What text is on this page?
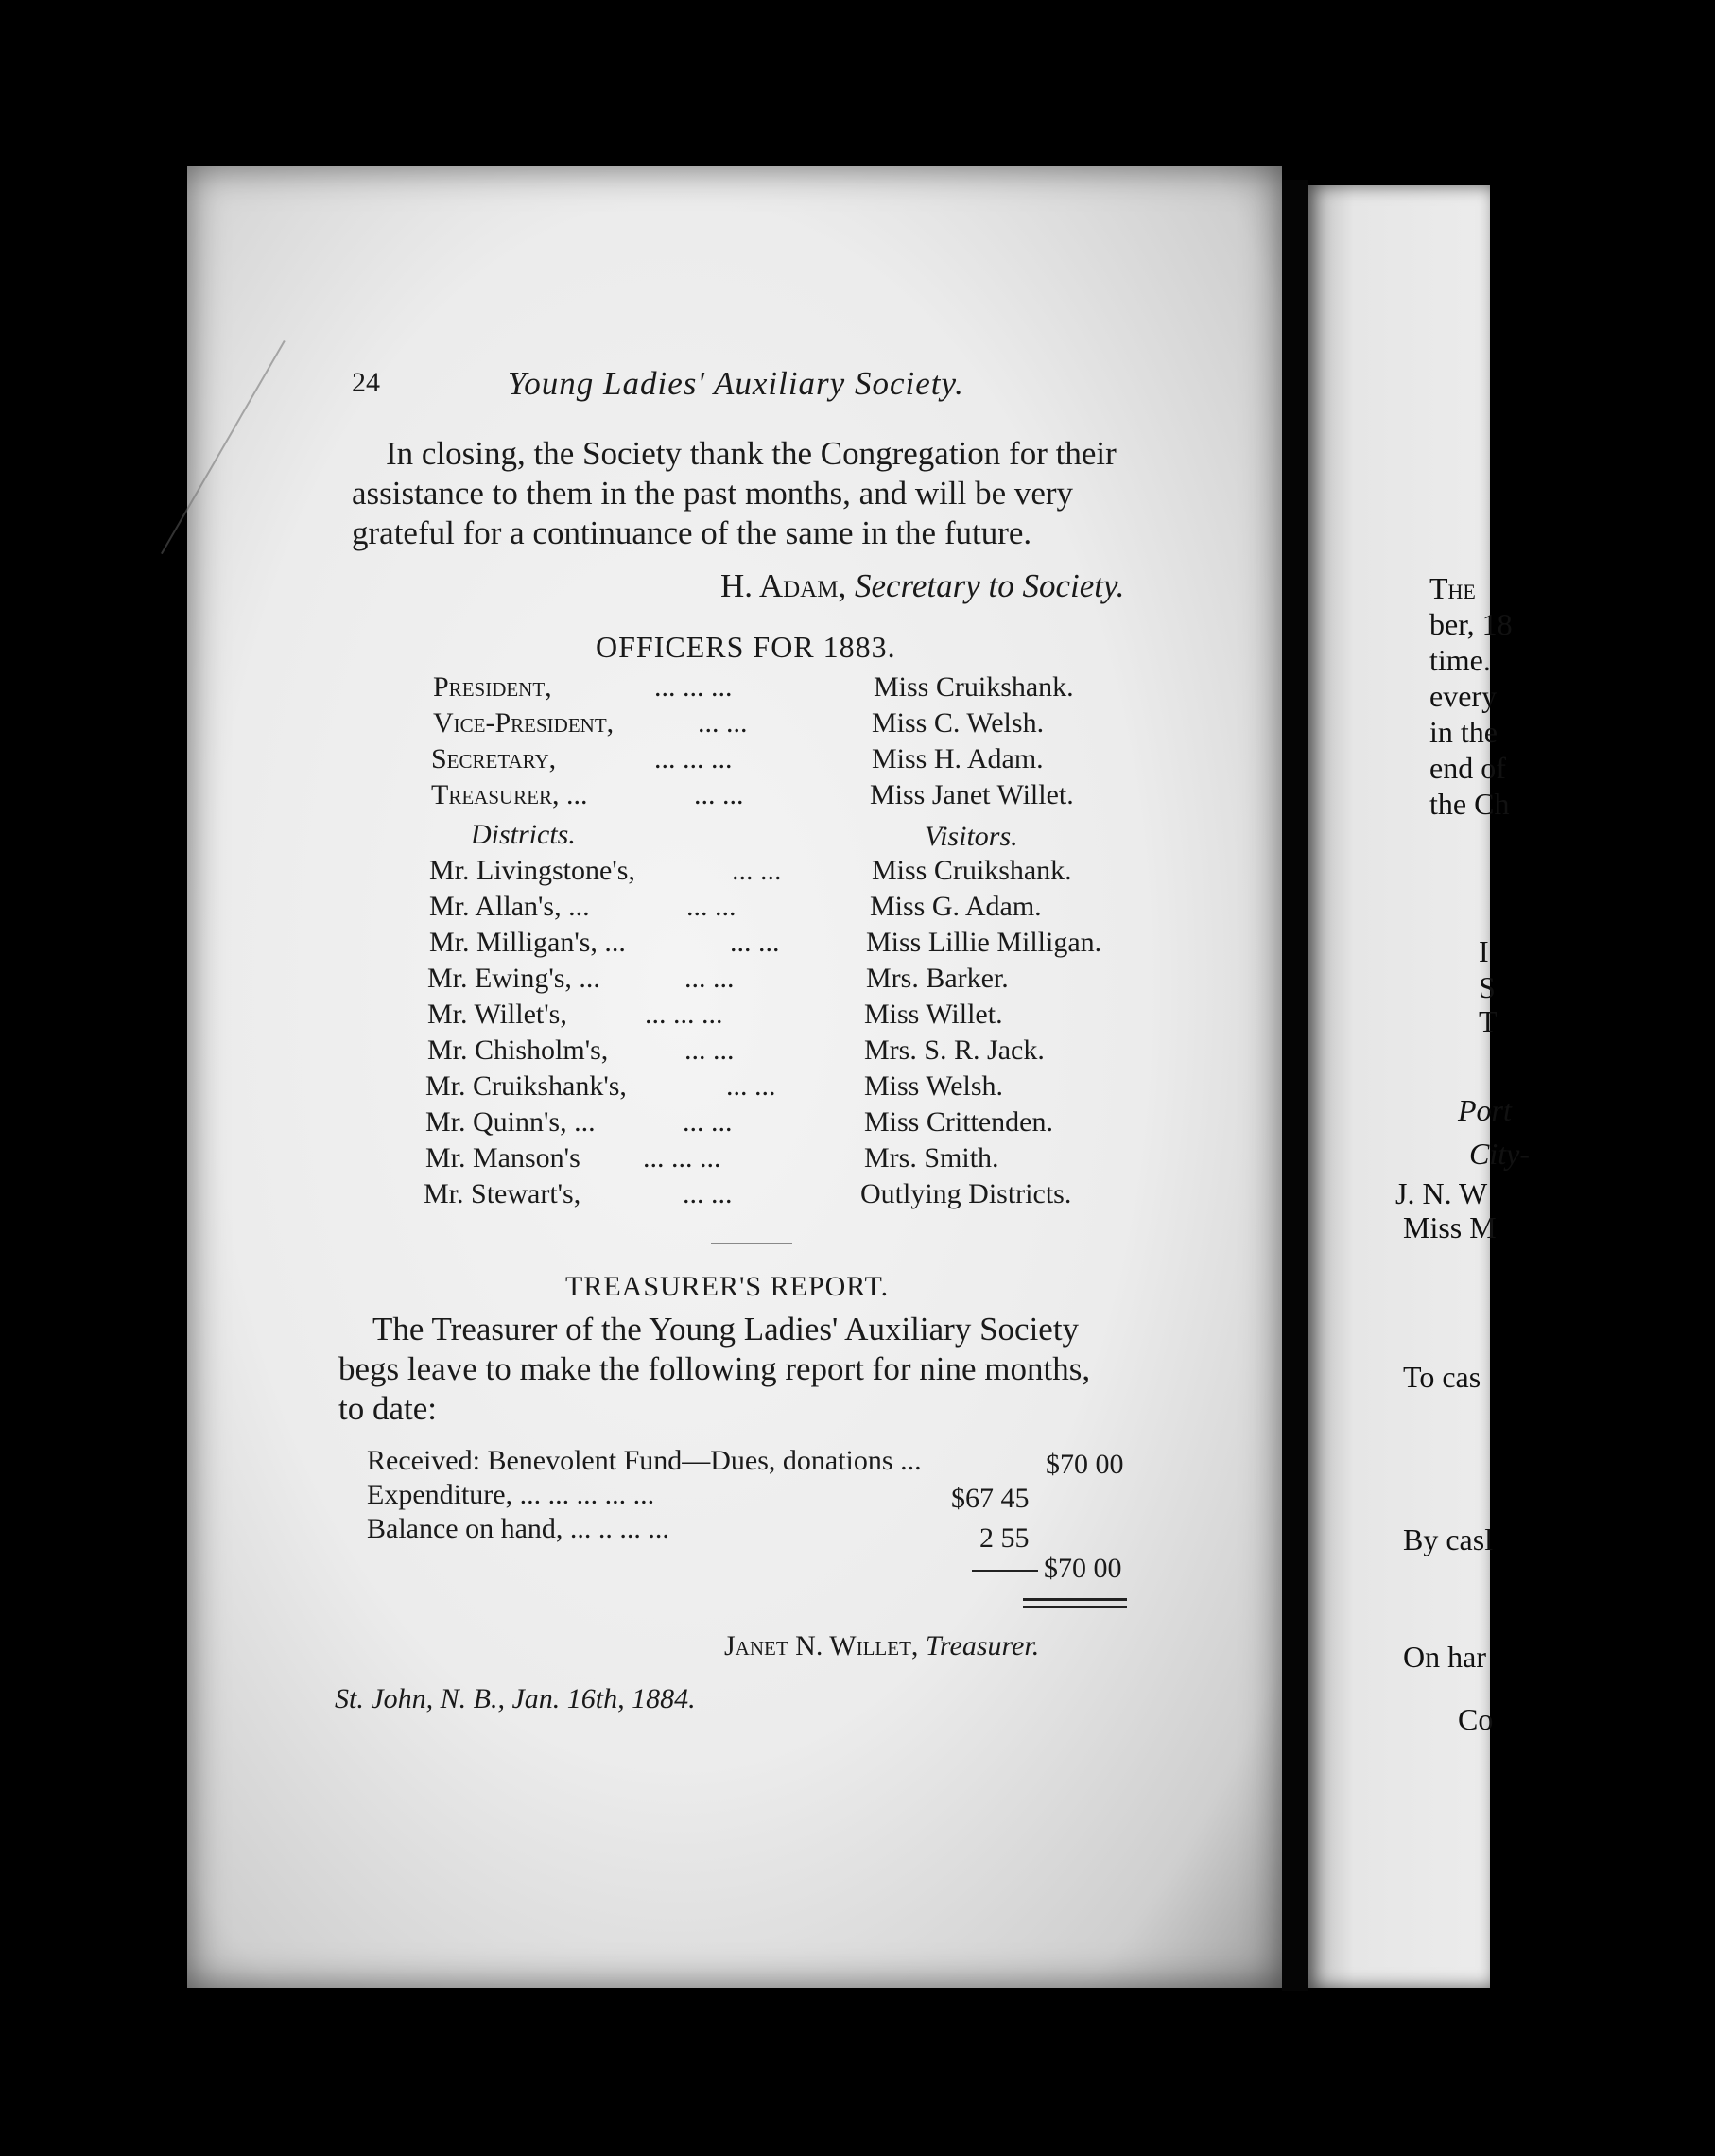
The
ber, 18
time.
every
in the
end of
the Ch
I
S
T
Port
City-
J. N. W
Miss M
To cas
By casl
On har
Co
24	Young Ladies' Auxiliary Society.
In closing, the Society thank the Congregation for their
assistance to them in the past months, and will be very
grateful for a continuance of the same in the future.
H. Adam, Secretary to Society.
OFFICERS FOR 1883.
President,	... ... ...	Miss Cruikshank.
Vice-President,	... ...	Miss C. Welsh.
Secretary,	... ... ...	Miss H. Adam.
Treasurer, ...	... ...	Miss Janet Willet.
Districts.	Visitors.
Mr. Livingstone's,	... ...	Miss Cruikshank.
Mr. Allan's, ...	... ...	Miss G. Adam.
Mr. Milligan's, ...	... ...	Miss Lillie Milligan.
Mr. Ewing's, ...	... ...	Mrs. Barker.
Mr. Willet's,	... ... ...	Miss Willet.
Mr. Chisholm's,	... ...	Mrs. S. R. Jack.
Mr. Cruikshank's,	... ...	Miss Welsh.
Mr. Quinn's, ...	... ...	Miss Crittenden.
Mr. Manson's ... ... ...	Mrs. Smith.
Mr. Stewart's,	... ...	Outlying Districts.
TREASURER'S REPORT.
The Treasurer of the Young Ladies' Auxiliary Society
begs leave to make the following report for nine months,
to date:
Received: Benevolent Fund—Dues, donations ...	$70 00
Expenditure, ... ... ... ... ...	$67 45
Balance on hand, ... .. ... ...	2 55
$70 00
Janet N. Willet, Treasurer.
St. John, N. B., Jan. 16th, 1884.
